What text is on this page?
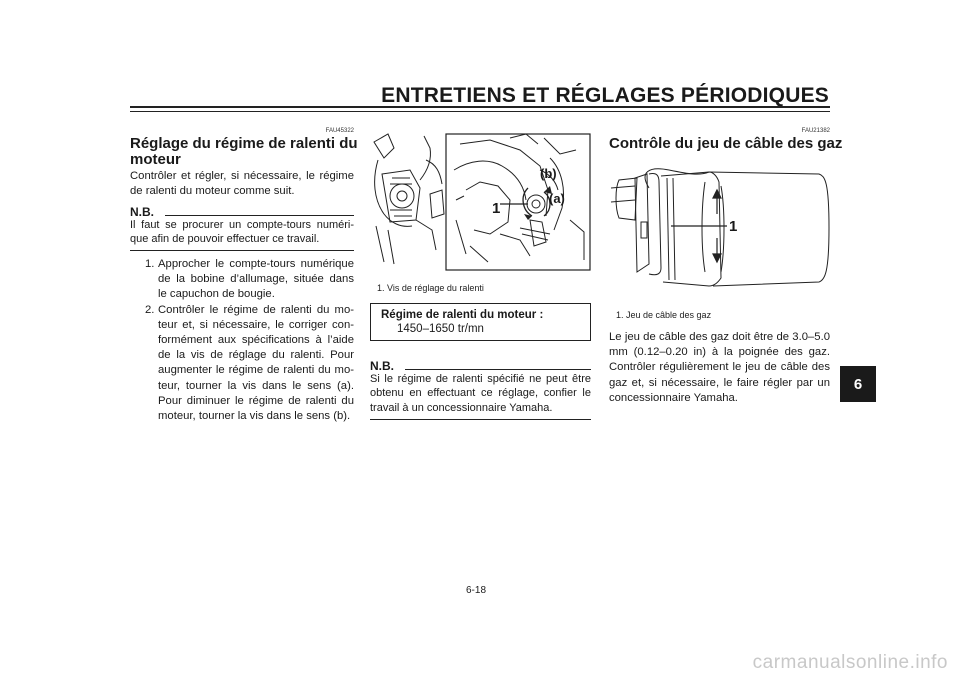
ENTRETIENS ET RÉGLAGES PÉRIODIQUES
6
FAU45322
Réglage du régime de ralenti du
moteur
Contrôler et régler, si nécessaire, le régime
de ralenti du moteur comme suit.
N.B.
Il faut se procurer un compte-tours numéri-
que afin de pouvoir effectuer ce travail.
1. Approcher le compte-tours numérique
de la bobine d’allumage, située dans
le capuchon de bougie.
2. Contrôler le régime de ralenti du mo-
teur et, si nécessaire, le corriger con-
formément aux spécifications à l’aide
de la vis de réglage du ralenti. Pour
augmenter le régime de ralenti du mo-
teur, tourner la vis dans le sens (a).
Pour diminuer le régime de ralenti du
moteur, tourner la vis dans le sens (b).
1
(a)
(b)
1. Vis de réglage du ralenti
Régime de ralenti du moteur :
1450–1650 tr/mn
N.B.
Si le régime de ralenti spécifié ne peut être
obtenu en effectuant ce réglage, confier le
travail à un concessionnaire Yamaha.
FAU21382
Contrôle du jeu de câble des gaz
1
1. Jeu de câble des gaz
Le jeu de câble des gaz doit être de 3.0–5.0
mm (0.12–0.20 in) à la poignée des gaz.
Contrôler régulièrement le jeu de câble des
gaz et, si nécessaire, le faire régler par un
concessionnaire Yamaha.
6-18
carmanualsonline.info
